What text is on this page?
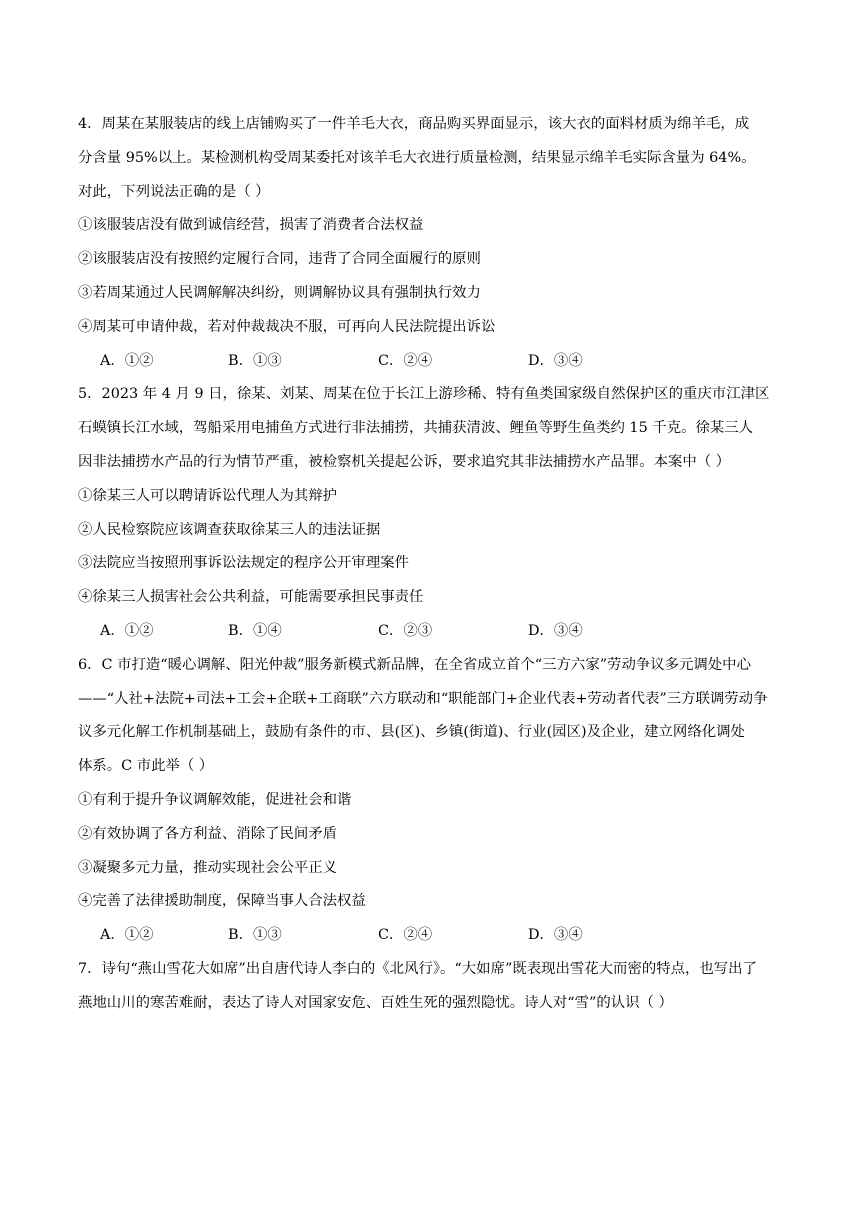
4．周某在某服装店的线上店铺购买了一件羊毛大衣，商品购买界面显示，该大衣的面料材质为绵羊毛，成
分含量 95%以上。某检测机构受周某委托对该羊毛大衣进行质量检测，结果显示绵羊毛实际含量为 64%。
对此，下列说法正确的是（ ）
①该服装店没有做到诚信经营，损害了消费者合法权益
②该服装店没有按照约定履行合同，违背了合同全面履行的原则
③若周某通过人民调解解决纠纷，则调解协议具有强制执行效力
④周某可申请仲裁，若对仲裁裁决不服，可再向人民法院提出诉讼
A．①②	B．①③	C．②④	D．③④
5．2023 年 4 月 9 日，徐某、刘某、周某在位于长江上游珍稀、特有鱼类国家级自然保护区的重庆市江津区
石蟆镇长江水域，驾船采用电捕鱼方式进行非法捕捞，共捕获清波、鲤鱼等野生鱼类约 15 千克。徐某三人
因非法捕捞水产品的行为情节严重，被检察机关提起公诉，要求追究其非法捕捞水产品罪。本案中（ ）
①徐某三人可以聘请诉讼代理人为其辩护
②人民检察院应该调查获取徐某三人的违法证据
③法院应当按照刑事诉讼法规定的程序公开审理案件
④徐某三人损害社会公共利益，可能需要承担民事责任
A．①②	B．①④	C．②③	D．③④
6．C 市打造“暖心调解、阳光仲裁”服务新模式新品牌，在全省成立首个“三方六家”劳动争议多元调处中心
——“人社+法院+司法+工会+企联+工商联”六方联动和“职能部门+企业代表+劳动者代表”三方联调劳动争
议多元化解工作机制基础上，鼓励有条件的市、县(区)、乡镇(街道)、行业(园区)及企业，建立网络化调处
体系。C 市此举（ ）
①有利于提升争议调解效能，促进社会和谐
②有效协调了各方利益、消除了民间矛盾
③凝聚多元力量，推动实现社会公平正义
④完善了法律援助制度，保障当事人合法权益
A．①②	B．①③	C．②④	D．③④
7．诗句“燕山雪花大如席”出自唐代诗人李白的《北风行》。“大如席”既表现出雪花大而密的特点，也写出了
燕地山川的寒苦难耐，表达了诗人对国家安危、百姓生死的强烈隐忧。诗人对“雪”的认识（ ）
